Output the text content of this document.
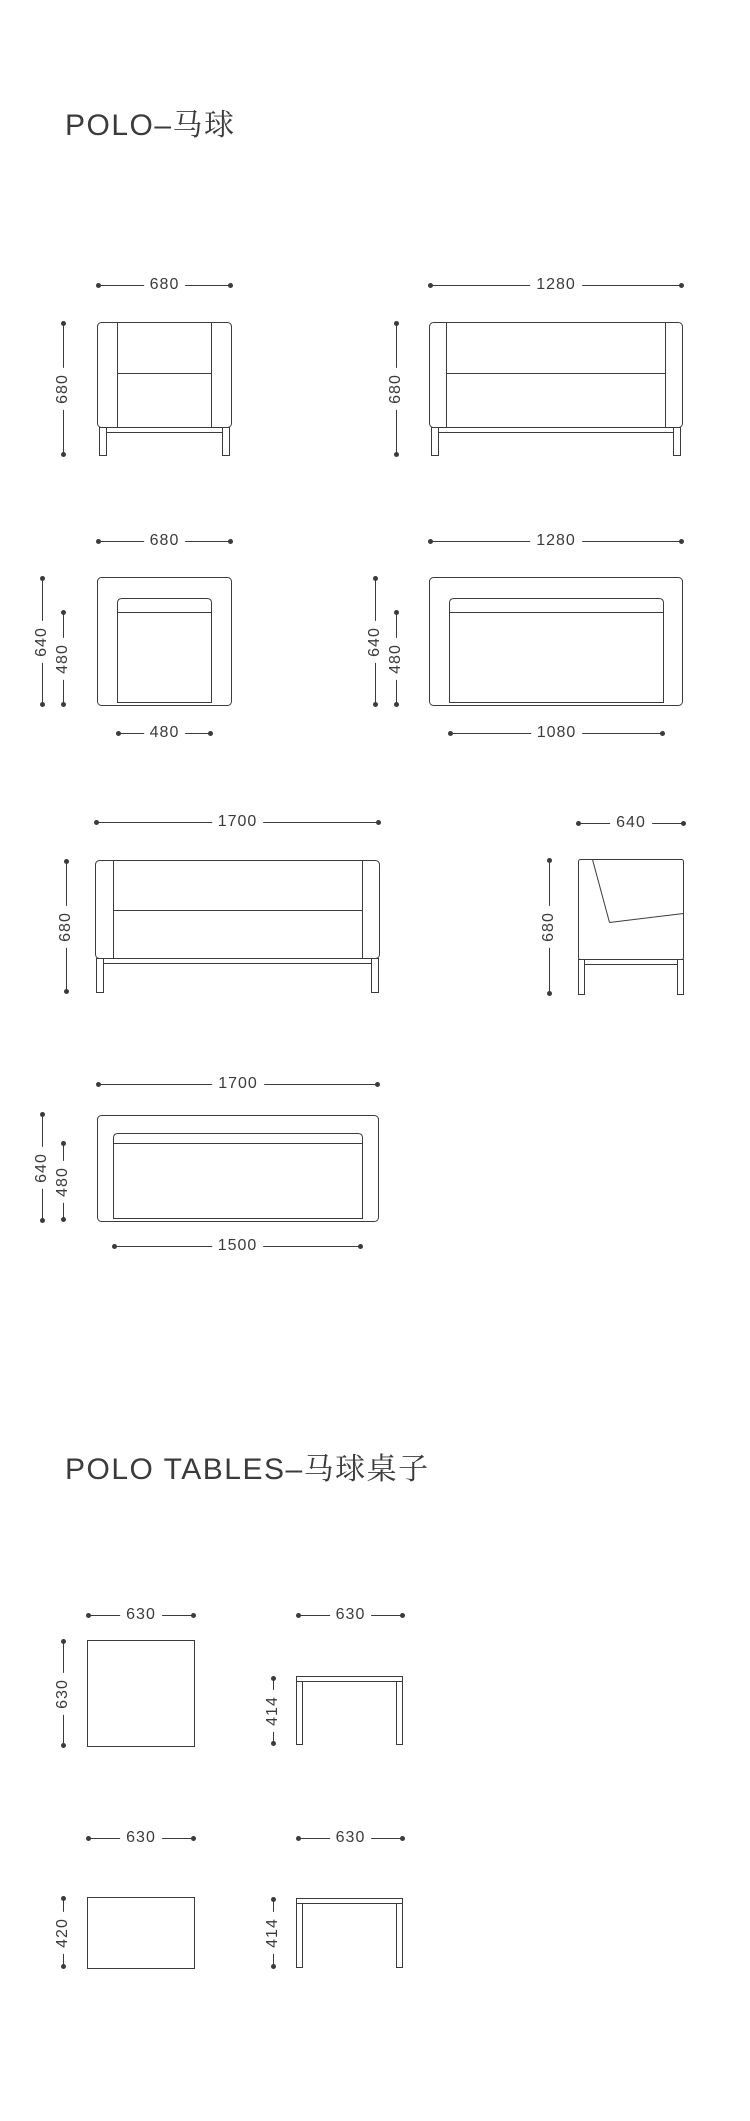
POLO–马球
680
680
1280
680
680
640
480
480
1280
640
480
1080
1700
680
640
680
1700
640 480
1500
POLO TABLES–马球桌子
630
630
630
414
630
420
630
414
